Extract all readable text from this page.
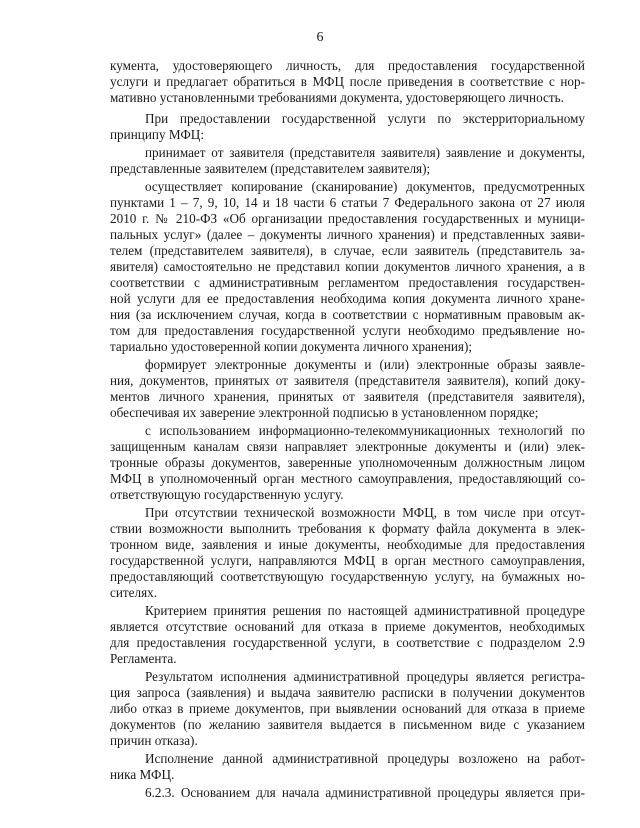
6
кумента, удостоверяющего личность, для предоставления государственной
услуги и предлагает обратиться в МФЦ после приведения в соответствие с нор-
мативно установленными требованиями документа, удостоверяющего личность.
При предоставлении государственной услуги по экстерриториальному
принципу МФЦ:
принимает от заявителя (представителя заявителя) заявление и документы,
представленные заявителем (представителем заявителя);
осуществляет копирование (сканирование) документов, предусмотренных
пунктами 1 – 7, 9, 10, 14 и 18 части 6 статьи 7 Федерального закона от 27 июля
2010 г. № 210-ФЗ «Об организации предоставления государственных и муници-
пальных услуг» (далее – документы личного хранения) и представленных заяви-
телем (представителем заявителя), в случае, если заявитель (представитель за-
явителя) самостоятельно не представил копии документов личного хранения, а в
соответствии с административным регламентом предоставления государствен-
ной услуги для ее предоставления необходима копия документа личного хране-
ния (за исключением случая, когда в соответствии с нормативным правовым ак-
том для предоставления государственной услуги необходимо предъявление но-
тариально удостоверенной копии документа личного хранения);
формирует электронные документы и (или) электронные образы заявле-
ния, документов, принятых от заявителя (представителя заявителя), копий доку-
ментов личного хранения, принятых от заявителя (представителя заявителя),
обеспечивая их заверение электронной подписью в установленном порядке;
с использованием информационно-телекоммуникационных технологий по
защищенным каналам связи направляет электронные документы и (или) элек-
тронные образы документов, заверенные уполномоченным должностным лицом
МФЦ в уполномоченный орган местного самоуправления, предоставляющий со-
ответствующую государственную услугу.
При отсутствии технической возможности МФЦ, в том числе при отсут-
ствии возможности выполнить требования к формату файла документа в элек-
тронном виде, заявления и иные документы, необходимые для предоставления
государственной услуги, направляются МФЦ в орган местного самоуправления,
предоставляющий соответствующую государственную услугу, на бумажных но-
сителях.
Критерием принятия решения по настоящей административной процедуре
является отсутствие оснований для отказа в приеме документов, необходимых
для предоставления государственной услуги, в соответствие с подразделом 2.9
Регламента.
Результатом исполнения административной процедуры является регистра-
ция запроса (заявления) и выдача заявителю расписки в получении документов
либо отказ в приеме документов, при выявлении оснований для отказа в приеме
документов (по желанию заявителя выдается в письменном виде с указанием
причин отказа).
Исполнение данной административной процедуры возложено на работ-
ника МФЦ.
6.2.3. Основанием для начала административной процедуры является при-
